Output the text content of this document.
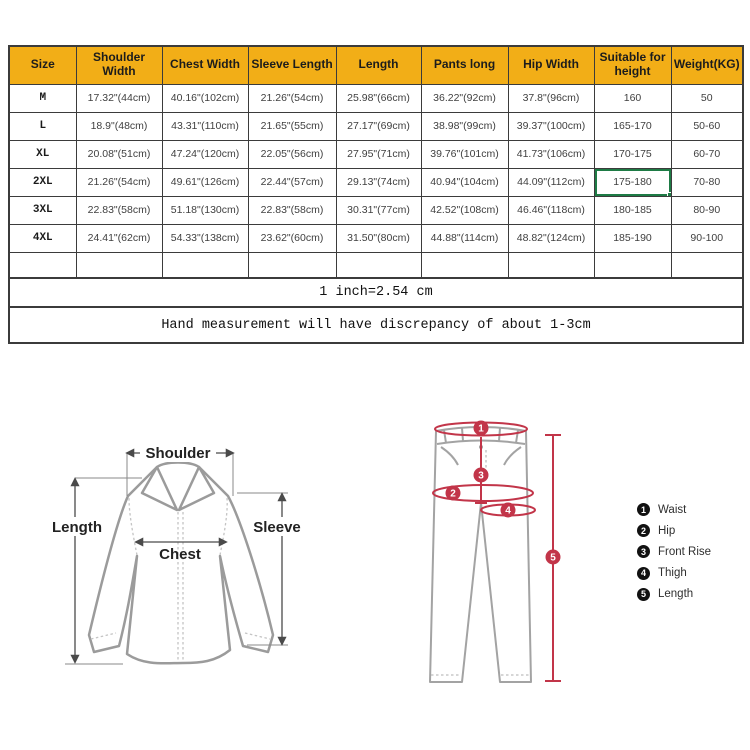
Size	Shoulder Width	Chest Width	Sleeve Length	Length	Pants long	Hip Width	Suitable for height	Weight(KG)
M	17.32"(44cm)	40.16"(102cm)	21.26"(54cm)	25.98"(66cm)	36.22"(92cm)	37.8"(96cm)	160	50
L	18.9"(48cm)	43.31"(110cm)	21.65"(55cm)	27.17"(69cm)	38.98"(99cm)	39.37"(100cm)	165-170	50-60
XL	20.08"(51cm)	47.24"(120cm)	22.05"(56cm)	27.95"(71cm)	39.76"(101cm)	41.73"(106cm)	170-175	60-70
2XL	21.26"(54cm)	49.61"(126cm)	22.44"(57cm)	29.13"(74cm)	40.94"(104cm)	44.09"(112cm)	175-180	70-80
3XL	22.83"(58cm)	51.18"(130cm)	22.83"(58cm)	30.31"(77cm)	42.52"(108cm)	46.46"(118cm)	180-185	80-90
4XL	24.41"(62cm)	54.33"(138cm)	23.62"(60cm)	31.50"(80cm)	44.88"(114cm)	48.82"(124cm)	185-190	90-100

1 inch=2.54 cm								
Hand measurement will have discrepancy of about 1-3cm								
Shoulder
Length	Sleeve
Chest
1
2
3
4
5
1	Waist
2	Hip
3	Front Rise
4	Thigh
5	Length
